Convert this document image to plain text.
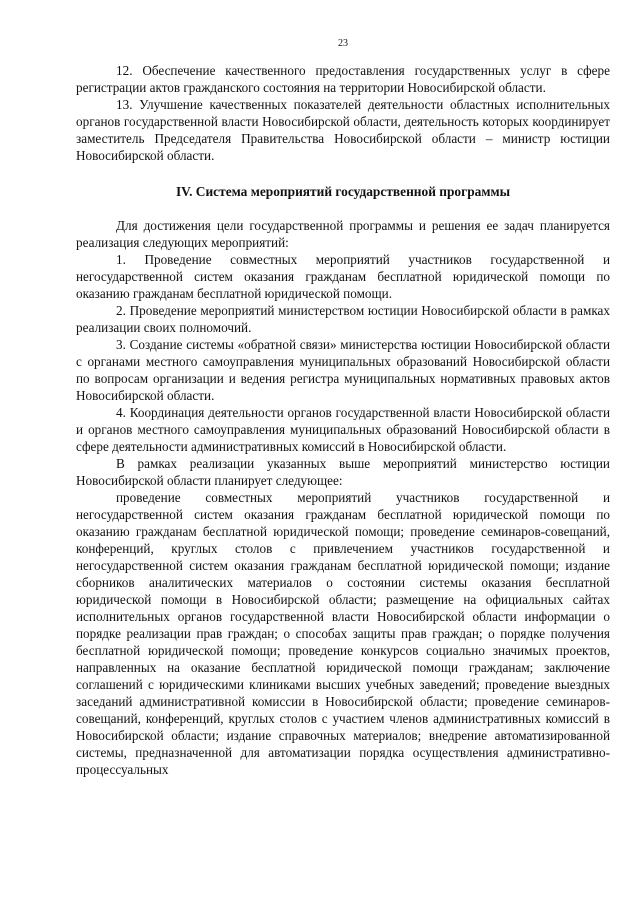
23

12. Обеспечение качественного предоставления государственных услуг в сфере регистрации актов гражданского состояния на территории Новосибирской области.

13. Улучшение качественных показателей деятельности областных исполнительных органов государственной власти Новосибирской области, деятельность которых координирует заместитель Председателя Правительства Новосибирской области – министр юстиции Новосибирской области.

IV. Система мероприятий государственной программы

Для достижения цели государственной программы и решения ее задач планируется реализация следующих мероприятий:

1. Проведение совместных мероприятий участников государственной и негосударственной систем оказания гражданам бесплатной юридической помощи по оказанию гражданам бесплатной юридической помощи.

2. Проведение мероприятий министерством юстиции Новосибирской области в рамках реализации своих полномочий.

3. Создание системы «обратной связи» министерства юстиции Новосибирской области с органами местного самоуправления муниципальных образований Новосибирской области по вопросам организации и ведения регистра муниципальных нормативных правовых актов Новосибирской области.

4. Координация деятельности органов государственной власти Новосибирской области и органов местного самоуправления муниципальных образований Новосибирской области в сфере деятельности административных комиссий в Новосибирской области.

В рамках реализации указанных выше мероприятий министерство юстиции Новосибирской области планирует следующее:

проведение совместных мероприятий участников государственной и негосударственной систем оказания гражданам бесплатной юридической помощи по оказанию гражданам бесплатной юридической помощи; проведение семинаров-совещаний, конференций, круглых столов с привлечением участников государственной и негосударственной систем оказания гражданам бесплатной юридической помощи; издание сборников аналитических материалов о состоянии системы оказания бесплатной юридической помощи в Новосибирской области; размещение на официальных сайтах исполнительных органов государственной власти Новосибирской области информации о порядке реализации прав граждан; о способах защиты прав граждан; о порядке получения бесплатной юридической помощи; проведение конкурсов социально значимых проектов, направленных на оказание бесплатной юридической помощи гражданам; заключение соглашений с юридическими клиниками высших учебных заведений; проведение выездных заседаний административной комиссии в Новосибирской области; проведение семинаров-совещаний, конференций, круглых столов с участием членов административных комиссий в Новосибирской области; издание справочных материалов; внедрение автоматизированной системы, предназначенной для автоматизации порядка осуществления административно-процессуальных
